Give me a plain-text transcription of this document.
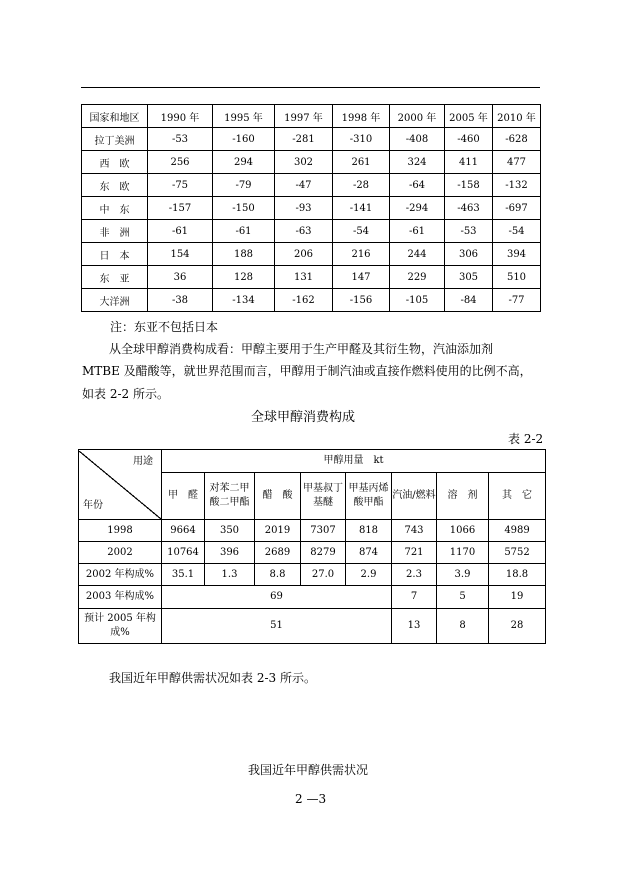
国家和地区	1990 年	1995 年	1997 年	1998 年	2000 年	2005 年	2010 年
拉丁美洲	-53	-160	-281	-310	-408	-460	-628
西　欧	256	294	302	261	324	411	477
东　欧	-75	-79	-47	-28	-64	-158	-132
中　东	-157	-150	-93	-141	-294	-463	-697
非　洲	-61	-61	-63	-54	-61	-53	-54
日　本	154	188	206	216	244	306	394
东　亚	36	128	131	147	229	305	510
大洋洲	-38	-134	-162	-156	-105	-84	-77
注：东亚不包括日本
从全球甲醇消费构成看：甲醇主要用于生产甲醛及其衍生物，汽油添加剂
MTBE 及醋酸等，就世界范围而言，甲醇用于制汽油或直接作燃料使用的比例不高，
如表 2-2 所示。
全球甲醇消费构成
表 2-2
用途
年份	甲醇用量　kt							
	甲　醛	对苯二甲酸二甲酯	醋　酸	甲基叔丁基醚	甲基丙烯酸甲酯	汽油/燃料	溶　剂	其　它
1998	9664	350	2019	7307	818	743	1066	4989
2002	10764	396	2689	8279	874	721	1170	5752
2002 年构成%	35.1	1.3	8.8	27.0	2.9	2.3	3.9	18.8
2003 年构成%	69					7	5	19
预计 2005 年构成%	51					13	8	28
我国近年甲醇供需状况如表 2-3 所示。
我国近年甲醇供需状况
2 —3
